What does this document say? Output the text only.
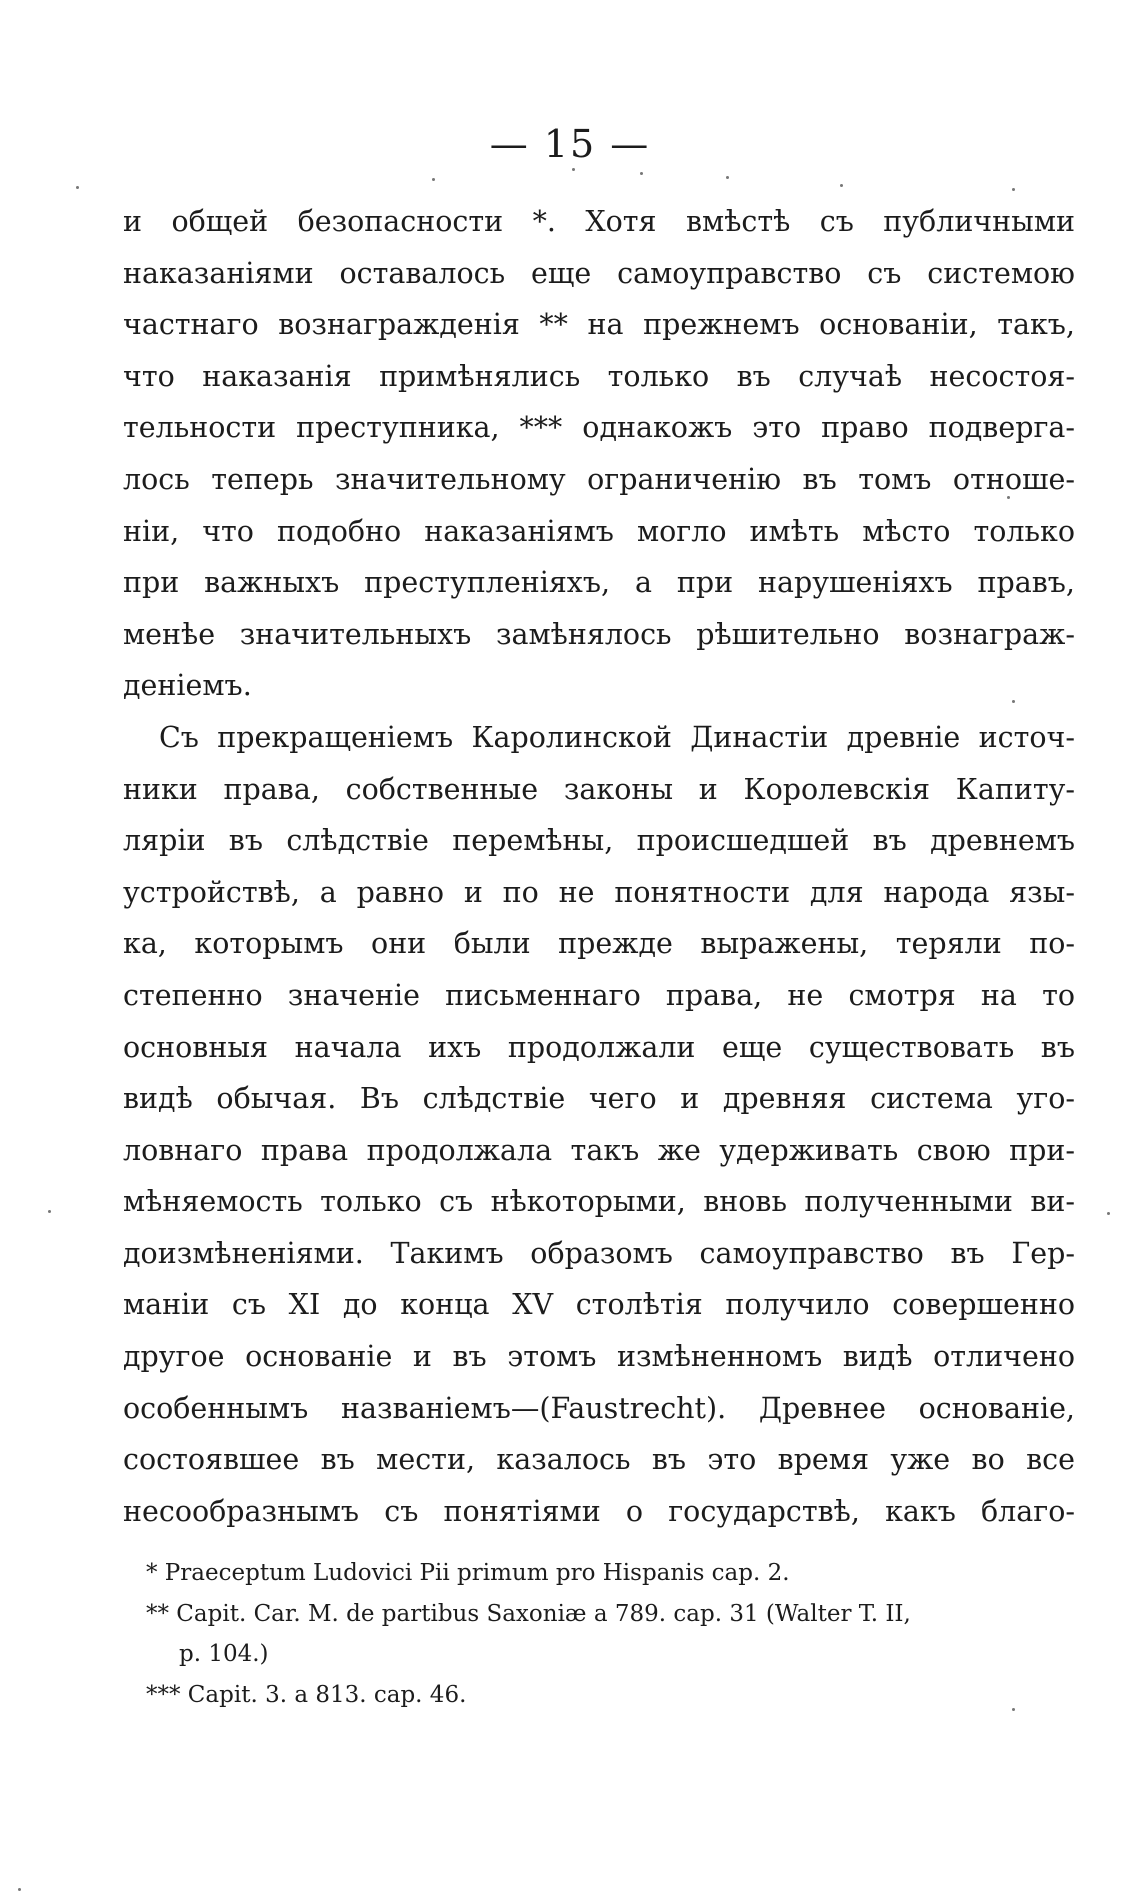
— 15 —
и общей безопасности *. Хотя вмѣстѣ съ публичными
наказаніями оставалось еще самоуправство съ системою
частнаго вознагражденія ** на прежнемъ основаніи, такъ,
что наказанія примѣнялись только въ случаѣ несостоя-
тельности преступника, *** однакожъ это право подверга-
лось теперь значительному ограниченію въ томъ отноше-
ніи, что подобно наказаніямъ могло имѣть мѣсто только
при важныхъ преступленіяхъ, а при нарушеніяхъ правъ,
менѣе значительныхъ замѣнялось рѣшительно вознаграж-
деніемъ.
Съ прекращеніемъ Каролинской Династіи древніе источ-
ники права, собственные законы и Королевскія Капиту-
ляріи въ слѣдствіе перемѣны, происшедшей въ древнемъ
устройствѣ, а равно и по не понятности для народа язы-
ка, которымъ они были прежде выражены, теряли по-
степенно значеніе письменнаго права, не смотря на то
основныя начала ихъ продолжали еще существовать въ
видѣ обычая. Въ слѣдствіе чего и древняя система уго-
ловнаго права продолжала такъ же удерживать свою при-
мѣняемость только съ нѣкоторыми, вновь полученными ви-
доизмѣненіями. Такимъ образомъ самоуправство въ Гер-
маніи съ XI до конца XV столѣтія получило совершенно
другое основаніе и въ этомъ измѣненномъ видѣ отличено
особеннымъ названіемъ—(Faustrecht). Древнее основаніе,
состоявшее въ мести, казалось въ это время уже во все
несообразнымъ съ понятіями о государствѣ, какъ благо-
* Praeceptum Ludovici Pii primum pro Hispanis cap. 2.
** Capit. Car. M. de partibus Saxoniæ a 789. cap. 31 (Walter T. II,
p. 104.)
*** Capit. 3. a 813. cap. 46.
